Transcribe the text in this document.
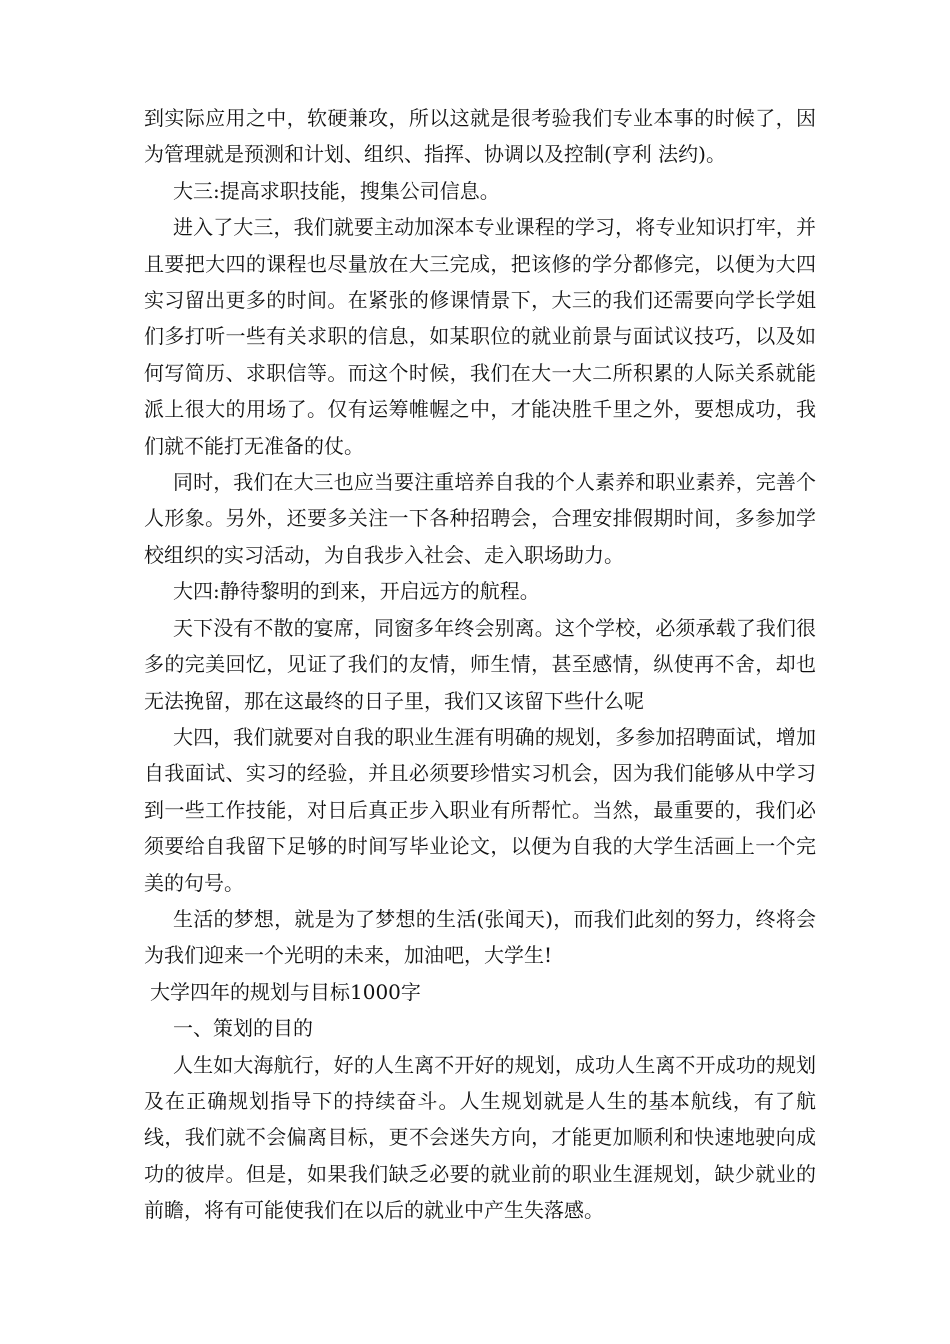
到实际应用之中，软硬兼攻，所以这就是很考验我们专业本事的时候了，因为管理就是预测和计划、组织、指挥、协调以及控制(亨利 法约)。

大三:提高求职技能，搜集公司信息。

进入了大三，我们就要主动加深本专业课程的学习，将专业知识打牢，并且要把大四的课程也尽量放在大三完成，把该修的学分都修完，以便为大四实习留出更多的时间。在紧张的修课情景下，大三的我们还需要向学长学姐们多打听一些有关求职的信息，如某职位的就业前景与面试议技巧，以及如何写简历、求职信等。而这个时候，我们在大一大二所积累的人际关系就能派上很大的用场了。仅有运筹帷幄之中，才能决胜千里之外，要想成功，我们就不能打无准备的仗。

同时，我们在大三也应当要注重培养自我的个人素养和职业素养，完善个人形象。另外，还要多关注一下各种招聘会，合理安排假期时间，多参加学校组织的实习活动，为自我步入社会、走入职场助力。

大四:静待黎明的到来，开启远方的航程。

天下没有不散的宴席，同窗多年终会别离。这个学校，必须承载了我们很多的完美回忆，见证了我们的友情，师生情，甚至感情，纵使再不舍，却也无法挽留，那在这最终的日子里，我们又该留下些什么呢

大四，我们就要对自我的职业生涯有明确的规划，多参加招聘面试，增加自我面试、实习的经验，并且必须要珍惜实习机会，因为我们能够从中学习到一些工作技能，对日后真正步入职业有所帮忙。当然，最重要的，我们必须要给自我留下足够的时间写毕业论文，以便为自我的大学生活画上一个完美的句号。

生活的梦想，就是为了梦想的生活(张闻天)，而我们此刻的努力，终将会为我们迎来一个光明的未来，加油吧，大学生!

大学四年的规划与目标1000字

一、策划的目的

人生如大海航行，好的人生离不开好的规划，成功人生离不开成功的规划及在正确规划指导下的持续奋斗。人生规划就是人生的基本航线，有了航线，我们就不会偏离目标，更不会迷失方向，才能更加顺利和快速地驶向成功的彼岸。但是，如果我们缺乏必要的就业前的职业生涯规划，缺少就业的前瞻，将有可能使我们在以后的就业中产生失落感。
